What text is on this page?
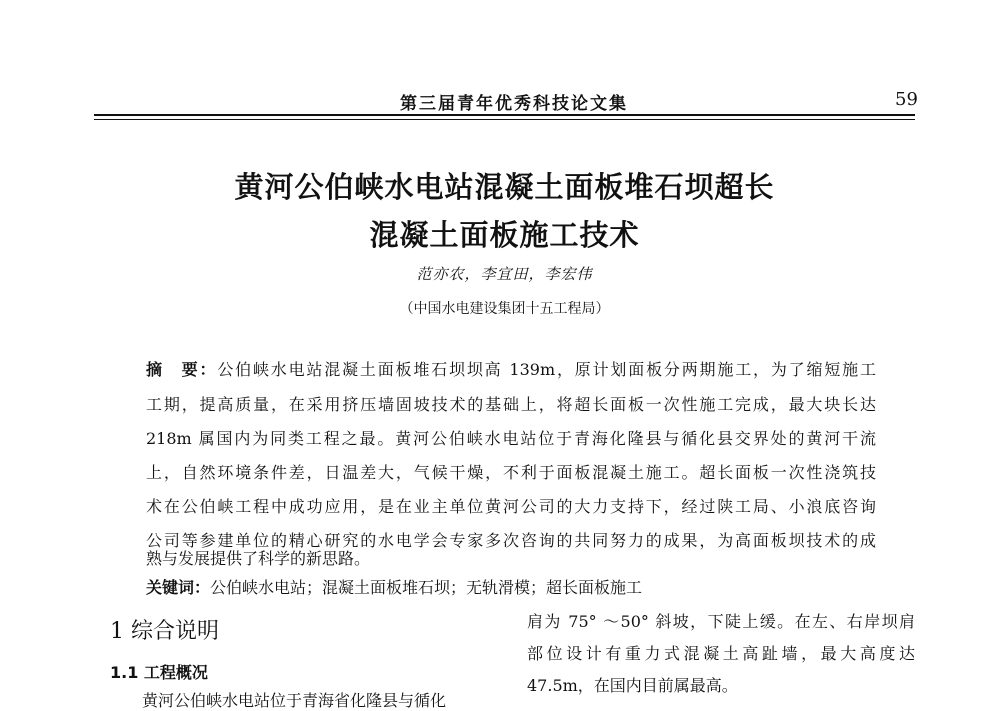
第三届青年优秀科技论文集	59
黄河公伯峡水电站混凝土面板堆石坝超长
混凝土面板施工技术
范亦农，李宜田，李宏伟
（中国水电建设集团十五工程局）
摘　要：公伯峡水电站混凝土面板堆石坝坝高 139m，原计划面板分两期施工，为了缩短施工
工期，提高质量，在采用挤压墙固坡技术的基础上，将超长面板一次性施工完成，最大块长达
218m 属国内为同类工程之最。黄河公伯峡水电站位于青海化隆县与循化县交界处的黄河干流
上，自然环境条件差，日温差大，气候干燥，不利于面板混凝土施工。超长面板一次性浇筑技
术在公伯峡工程中成功应用，是在业主单位黄河公司的大力支持下，经过陕工局、小浪底咨询
公司等参建单位的精心研究的水电学会专家多次咨询的共同努力的成果，为高面板坝技术的成
熟与发展提供了科学的新思路。
关键词：公伯峡水电站；混凝土面板堆石坝；无轨滑模；超长面板施工
1 综合说明
1.1 工程概况
黄河公伯峡水电站位于青海省化隆县与循化
肩为 75° ～50° 斜坡，下陡上缓。在左、右岸坝肩
部位设计有重力式混凝土高趾墙，最大高度达
47.5m，在国内目前属最高。
